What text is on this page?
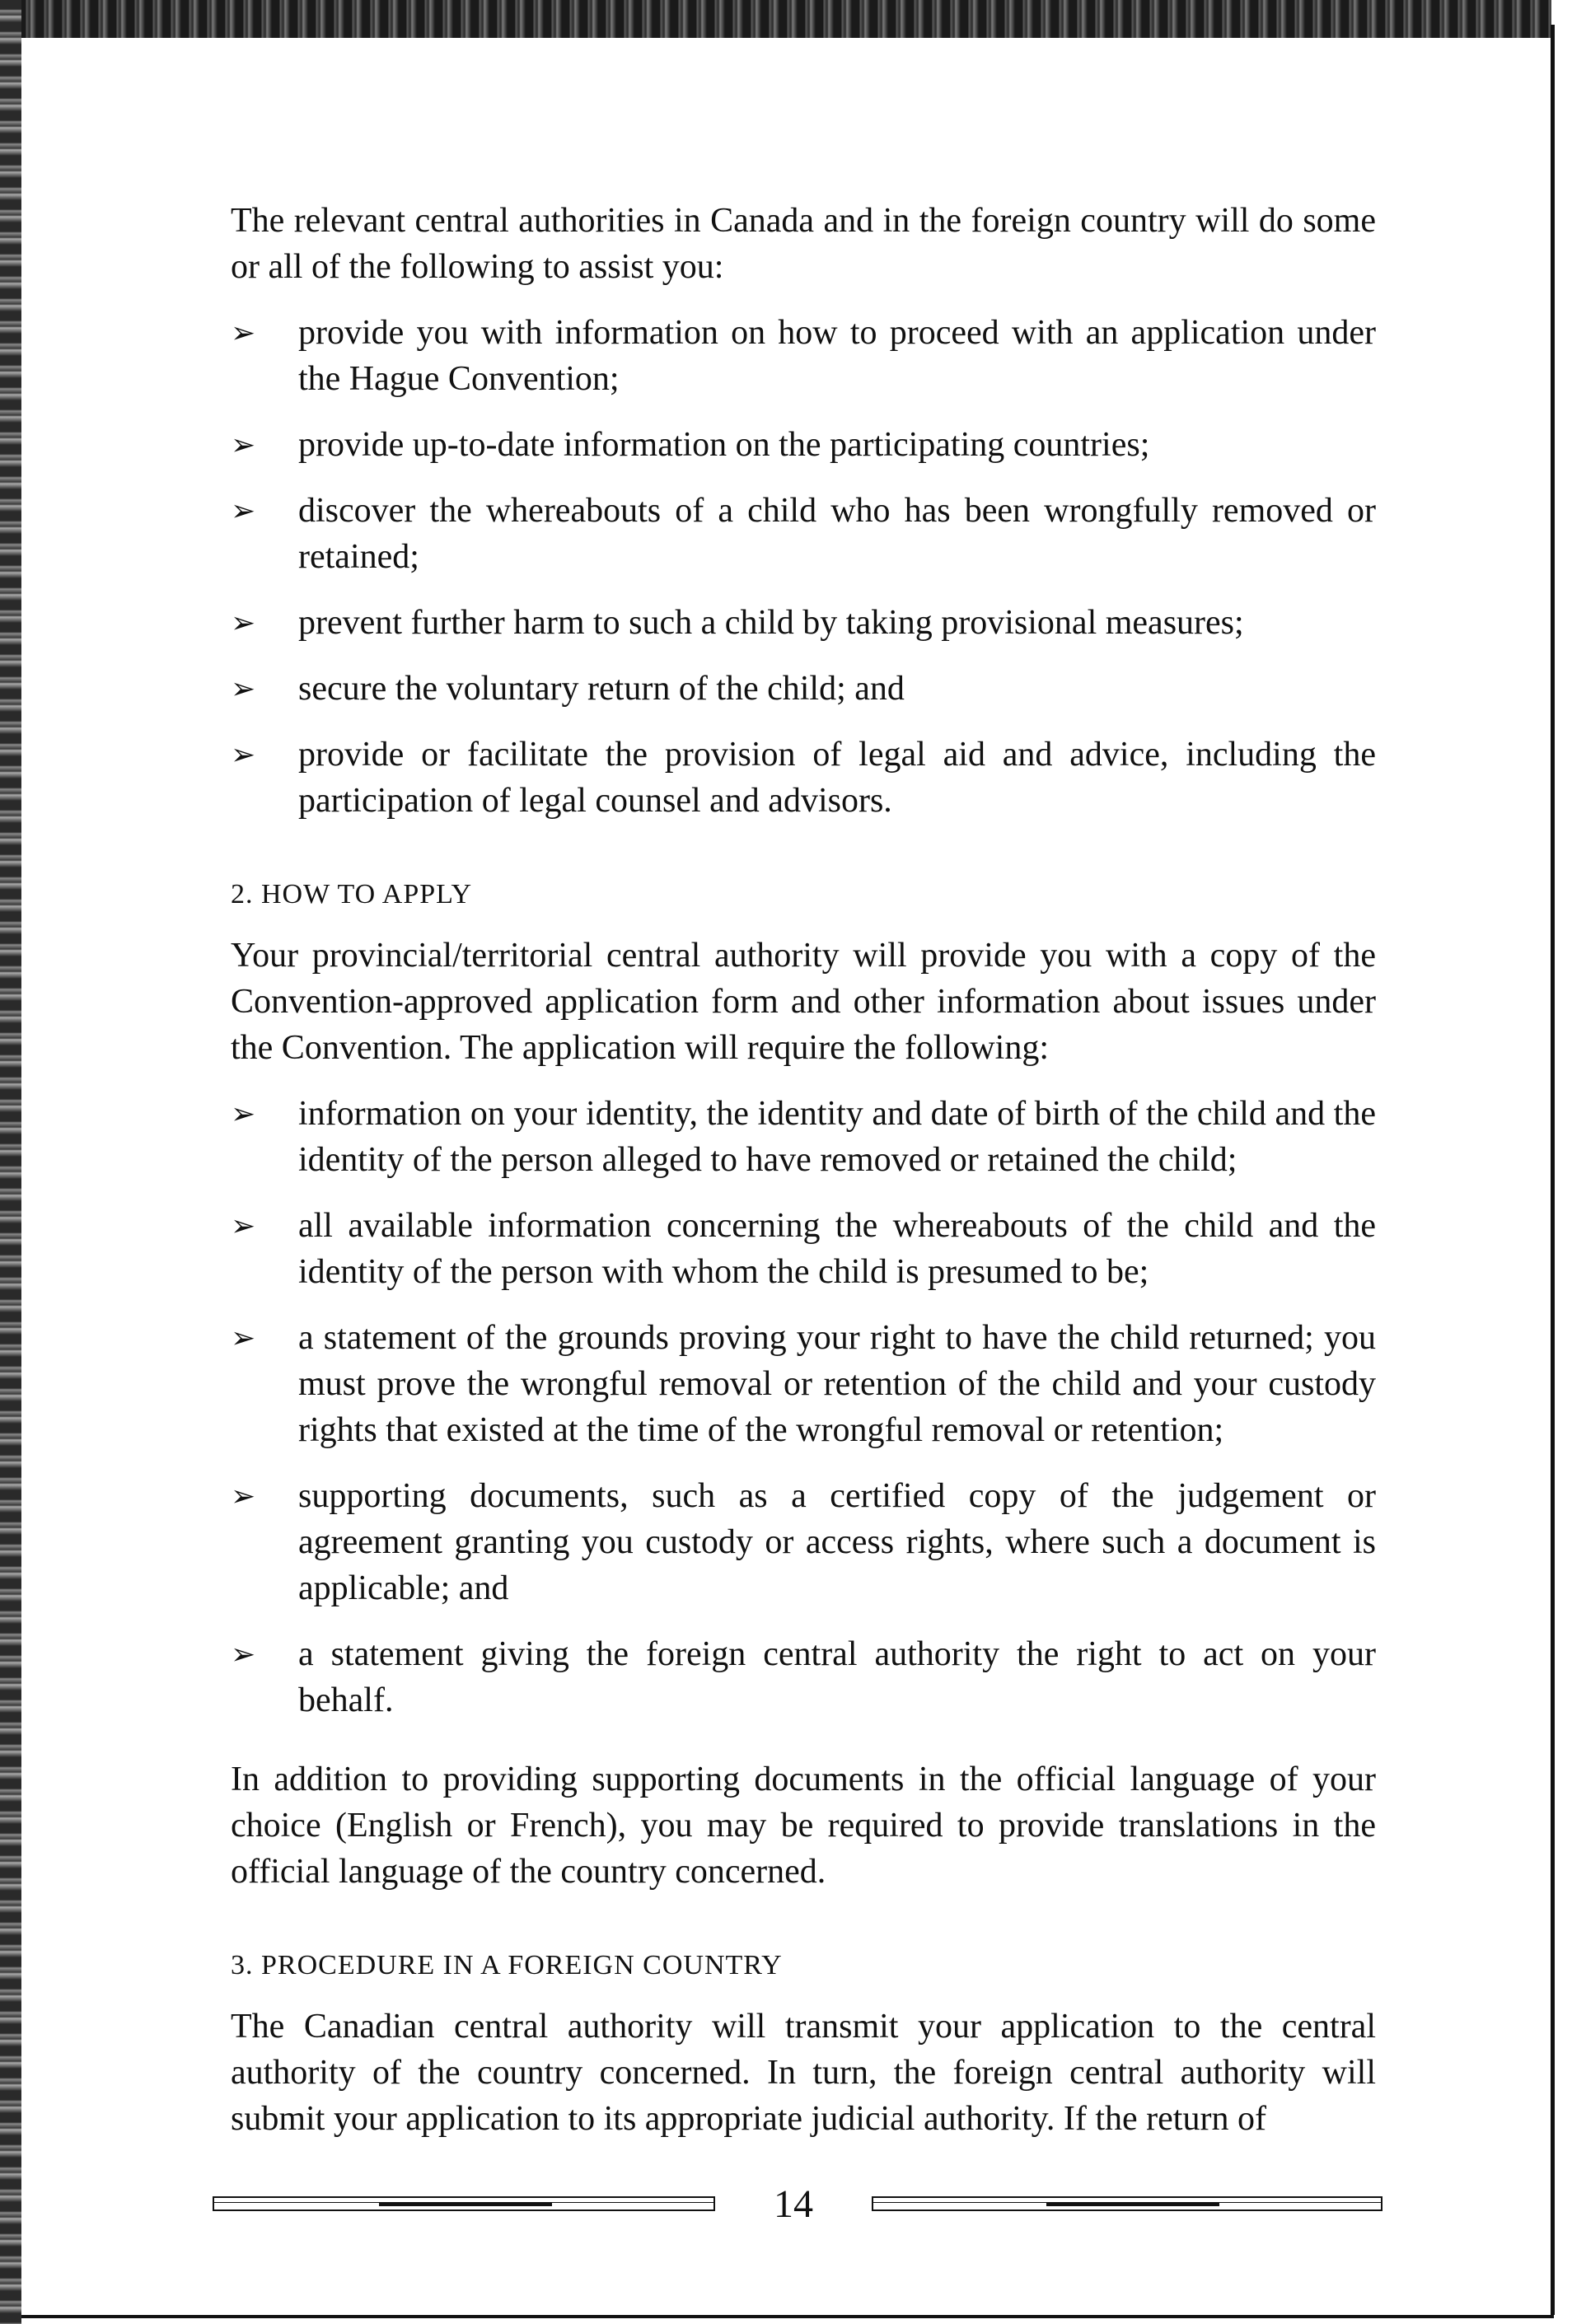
The relevant central authorities in Canada and in the foreign country will do some or all of the following to assist you:

➢ provide you with information on how to proceed with an application under the Hague Convention;
➢ provide up-to-date information on the participating countries;
➢ discover the whereabouts of a child who has been wrongfully removed or retained;
➢ prevent further harm to such a child by taking provisional measures;
➢ secure the voluntary return of the child; and
➢ provide or facilitate the provision of legal aid and advice, including the participation of legal counsel and advisors.
2. HOW TO APPLY

Your provincial/territorial central authority will provide you with a copy of the Convention-approved application form and other information about issues under the Convention. The application will require the following:

➢ information on your identity, the identity and date of birth of the child and the identity of the person alleged to have removed or retained the child;
➢ all available information concerning the whereabouts of the child and the identity of the person with whom the child is presumed to be;
➢ a statement of the grounds proving your right to have the child returned; you must prove the wrongful removal or retention of the child and your custody rights that existed at the time of the wrongful removal or retention;
➢ supporting documents, such as a certified copy of the judgement or agreement granting you custody or access rights, where such a document is applicable; and
➢ a statement giving the foreign central authority the right to act on your behalf.

In addition to providing supporting documents in the official language of your choice (English or French), you may be required to provide translations in the official language of the country concerned.

3. PROCEDURE IN A FOREIGN COUNTRY

The Canadian central authority will transmit your application to the central authority of the country concerned. In turn, the foreign central authority will submit your application to its appropriate judicial authority. If the return of

14
